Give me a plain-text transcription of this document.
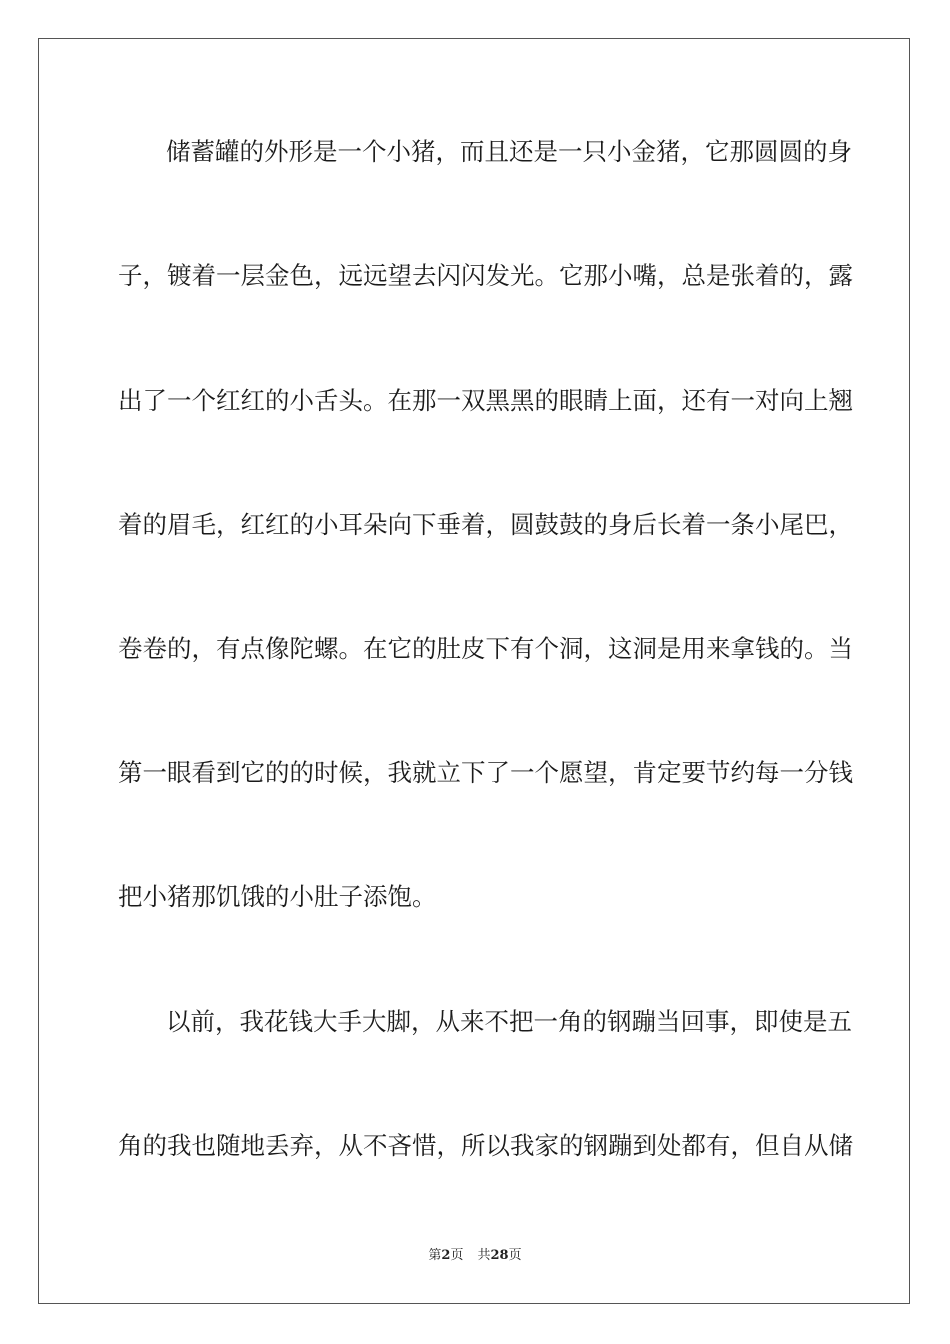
储蓄罐的外形是一个小猪，而且还是一只小金猪，它那圆圆的身
子，镀着一层金色，远远望去闪闪发光。它那小嘴，总是张着的，露
出了一个红红的小舌头。在那一双黑黑的眼睛上面，还有一对向上翘
着的眉毛，红红的小耳朵向下垂着，圆鼓鼓的身后长着一条小尾巴，
卷卷的，有点像陀螺。在它的肚皮下有个洞，这洞是用来拿钱的。当
第一眼看到它的的时候，我就立下了一个愿望，肯定要节约每一分钱
把小猪那饥饿的小肚子添饱。
以前，我花钱大手大脚，从来不把一角的钢蹦当回事，即使是五
角的我也随地丢弃，从不吝惜，所以我家的钢蹦到处都有，但自从储
第2页 共28页
